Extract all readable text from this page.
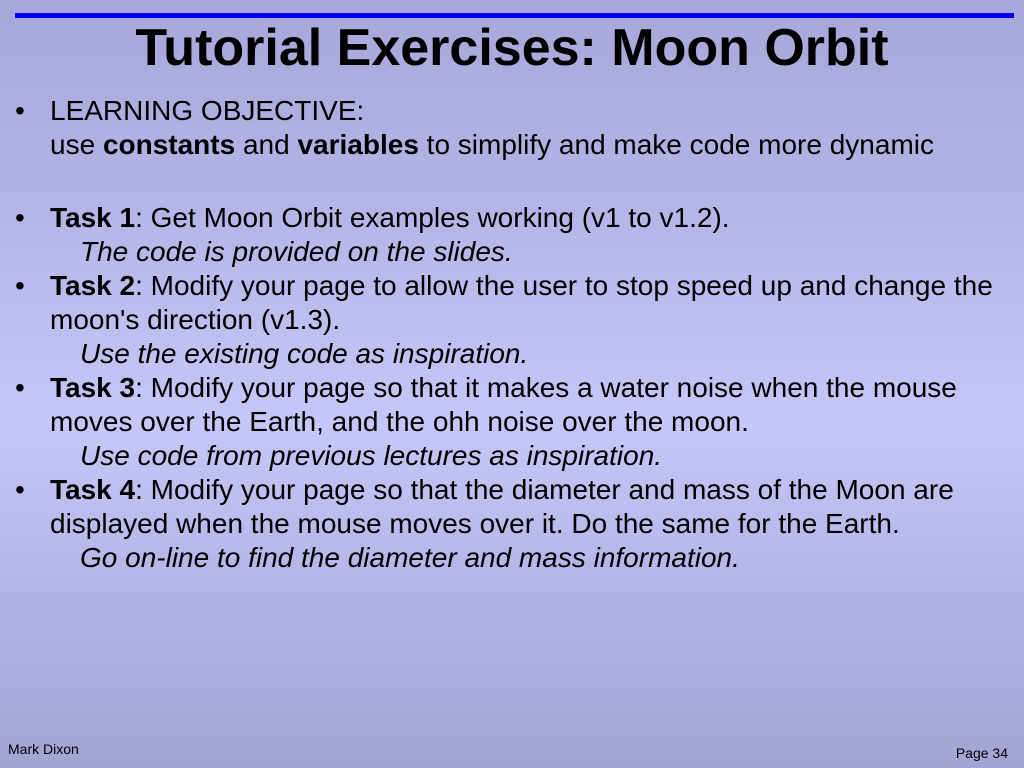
Tutorial Exercises: Moon Orbit
• LEARNING OBJECTIVE:
use constants and variables to simplify and make code more dynamic
• Task 1: Get Moon Orbit examples working (v1 to v1.2).
The code is provided on the slides.
• Task 2: Modify your page to allow the user to stop speed up and change the moon's direction (v1.3).
Use the existing code as inspiration.
• Task 3: Modify your page so that it makes a water noise when the mouse moves over the Earth, and the ohh noise over the moon.
Use code from previous lectures as inspiration.
• Task 4: Modify your page so that the diameter and mass of the Moon are displayed when the mouse moves over it. Do the same for the Earth.
Go on-line to find the diameter and mass information.
Mark Dixon	Page 34
